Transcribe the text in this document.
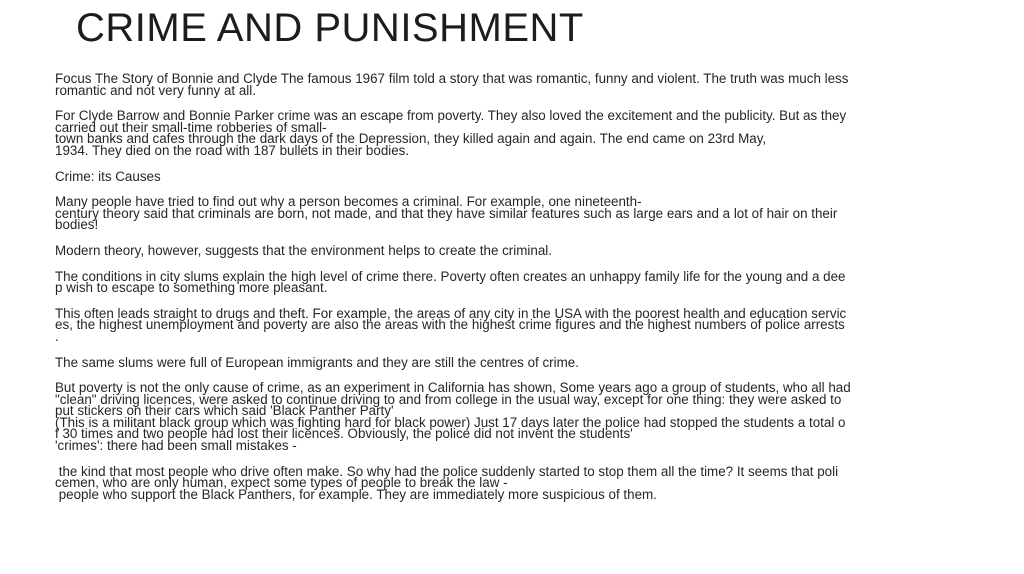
CRIME AND PUNISHMENT
Focus The Story of Bonnie and Clyde The famous 1967 film told a story that was romantic, funny and violent. The truth was much less
romantic and not very funny at all.
For Clyde Barrow and Bonnie Parker crime was an escape from poverty. They also loved the excitement and the publicity. But as they
carried out their small-time robberies of small-
town banks and cafes through the dark days of the Depression, they killed again and again. The end came on 23rd May,
1934. They died on the road with 187 bullets in their bodies.
Crime: its Causes
Many people have tried to find out why a person becomes a criminal. For example, one nineteenth-
century theory said that criminals are born, not made, and that they have similar features such as large ears and a lot of hair on their
bodies!
Modern theory, however, suggests that the environment helps to create the criminal.
The conditions in city slums explain the high level of crime there. Poverty often creates an unhappy family life for the young and a dee
p wish to escape to something more pleasant.
This often leads straight to drugs and theft. For example, the areas of any city in the USA with the poorest health and education servic
es, the highest unemployment and poverty are also the areas with the highest crime figures and the highest numbers of police arrests
.
The same slums were full of European immigrants and they are still the centres of crime.
But poverty is not the only cause of crime, as an experiment in California has shown, Some years ago a group of students, who all had
"clean" driving licences, were asked to continue driving to and from college in the usual way, except for one thing: they were asked to
put stickers on their cars which said 'Black Panther Party'
(This is a militant black group which was fighting hard for black power) Just 17 days later the police had stopped the students a total o
f 30 times and two people had lost their licences. Obviously, the police did not invent the students'
'crimes': there had been small mistakes -
the kind that most people who drive often make. So why had the police suddenly started to stop them all the time? It seems that poli
cemen, who are only human, expect some types of people to break the law -
people who support the Black Panthers, for example. They are immediately more suspicious of them.
